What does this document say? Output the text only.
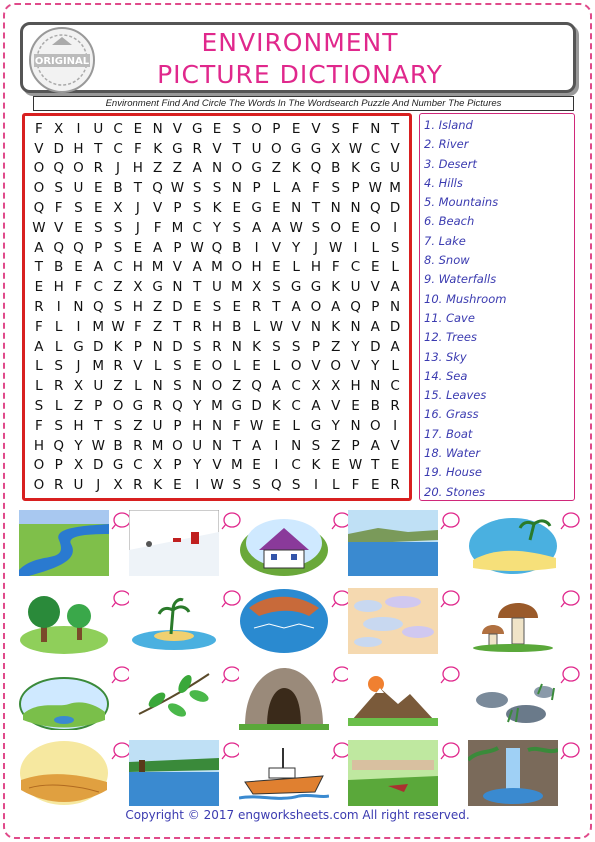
ORIGINAL
ENVIRONMENT
PICTURE DICTIONARY
Environment Find And Circle The Words In The Wordsearch Puzzle And Number The Pictures
F X I U C E N V G E S O P E V S F N T
V D H T C F K G R V T U O G G X W C V
O Q O R J H Z Z A N O G Z K Q B K G U
O S U E B T Q W S S N P L A F S P W M
Q F S E X J V P S K E G E N T N N Q D
W V E S S	J	F M C Y S A A W S O E O I
A Q Q P S E A P W Q B I V Y	J W I	L S
T B E A C H M V A M O H E L H F C E L
E H F C Z X G N T U M X S G G K U V A
R I N Q S H Z D E S E R T A O A Q P N
F L	I M W F Z T R H B L W V N K N A D
A L G D K P N D S R N K S S P Z Y D A
L S	J M R V L S E O L E L O V O V Y L
L R X U Z L N S N O Z Q A C X X H N C
S L Z P O G R Q Y M G D K C A V E B R
F S H T S Z U P H N F W E L G Y N O I
H Q Y W B R M O U N T A I N S Z P A V
O P X D G C X P Y V M E	I C K E W T E
O R U J X R K E	I W S S Q S	I	L F E R
1. Island
2. River
3. Desert
4. Hills
5. Mountains
6. Beach
7. Lake
8. Snow
9. Waterfalls
10. Mushroom
11. Cave
12. Trees
13. Sky
14. Sea
15. Leaves
16. Grass
17. Boat
18. Water
19. House
20. Stones
Copyright © 2017 engworksheets.com All right reserved.
